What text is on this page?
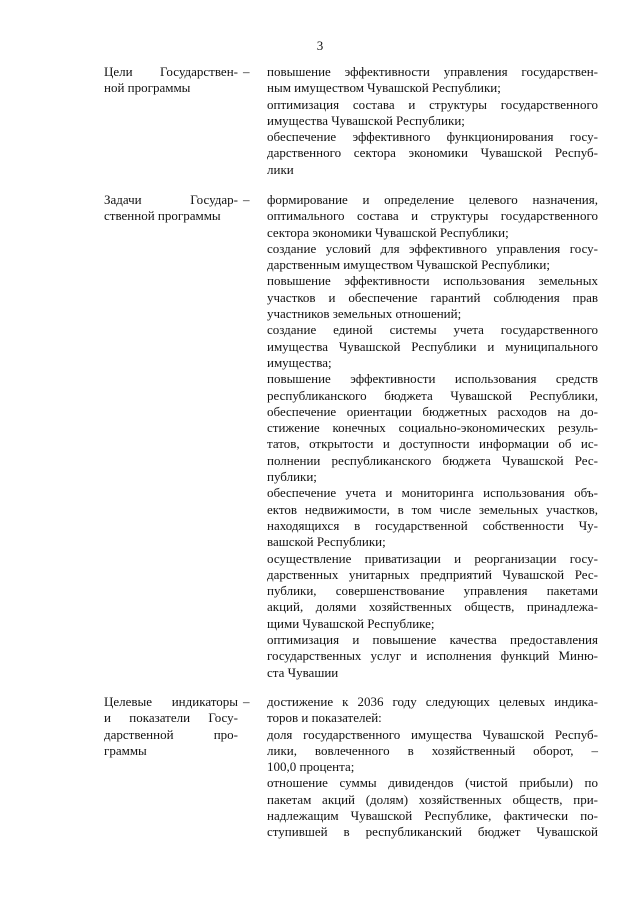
3
Цели Государствен-
ной программы
–	повышение эффективности управления государствен-
ным имуществом Чувашской Республики;
оптимизация состава и структуры государственного
имущества Чувашской Республики;
обеспечение эффективного функционирования госу-
дарственного сектора экономики Чувашской Респуб-
лики
Задачи Государ-
ственной программы
–	формирование и определение целевого назначения,
оптимального состава и структуры государственного
сектора экономики Чувашской Республики;
создание условий для эффективного управления госу-
дарственным имуществом Чувашской Республики;
повышение эффективности использования земельных
участков и обеспечение гарантий соблюдения прав
участников земельных отношений;
создание единой системы учета государственного
имущества Чувашской Республики и муниципального
имущества;
повышение эффективности использования средств
республиканского бюджета Чувашской Республики,
обеспечение ориентации бюджетных расходов на до-
стижение конечных социально-экономических резуль-
татов, открытости и доступности информации об ис-
полнении республиканского бюджета Чувашской Рес-
публики;
обеспечение учета и мониторинга использования объ-
ектов недвижимости, в том числе земельных участков,
находящихся в государственной собственности Чу-
вашской Республики;
осуществление приватизации и реорганизации госу-
дарственных унитарных предприятий Чувашской Рес-
публики, совершенствование управления пакетами
акций, долями хозяйственных обществ, принадлежа-
щими Чувашской Республике;
оптимизация и повышение качества предоставления
государственных услуг и исполнения функций Миню-
ста Чувашии
Целевые индикаторы
и показатели Госу-
дарственной про-
граммы
–	достижение к 2036 году следующих целевых индика-
торов и показателей:
доля государственного имущества Чувашской Респуб-
лики, вовлеченного в хозяйственный оборот, –
100,0 процента;
отношение суммы дивидендов (чистой прибыли) по
пакетам акций (долям) хозяйственных обществ, при-
надлежащим Чувашской Республике, фактически по-
ступившей в республиканский бюджет Чувашской
